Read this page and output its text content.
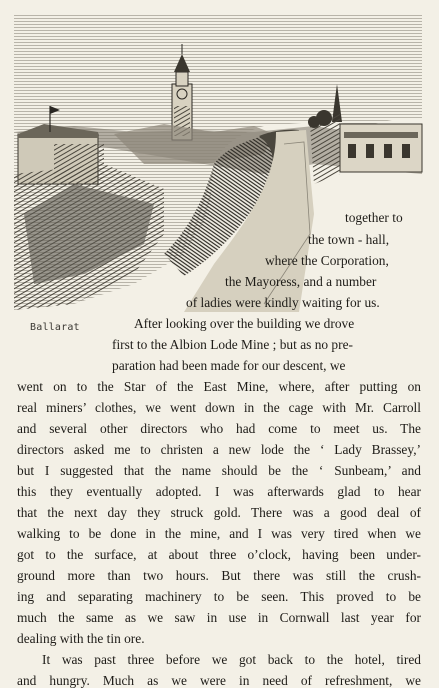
Ballarat
together to
the town - hall,
where the Corporation,
the Mayoress, and a number
of ladies were kindly waiting for us.
After looking over the building we drove
first to the Albion Lode Mine ; but as no pre-
paration had been made for our descent, we
went on to the Star of the East Mine, where, after putting on
real miners’ clothes, we went down in the cage with Mr. Carroll
and several other directors who had come to meet us. The
directors asked me to christen a new lode the ‘ Lady Brassey,’
but I suggested that the name should be the ‘ Sunbeam,’ and
this they eventually adopted. I was afterwards glad to hear
that the next day they struck gold. There was a good deal of
walking to be done in the mine, and I was very tired when we
got to the surface, at about three o’clock, having been under-
ground more than two hours. But there was still the crush-
ing and separating machinery to be seen. This proved to be
much the same as we saw in use in Cornwall last year for
dealing with the tin ore.
It was past three before we got back to the hotel, tired
and hungry. Much as we were in need of refreshment, we
